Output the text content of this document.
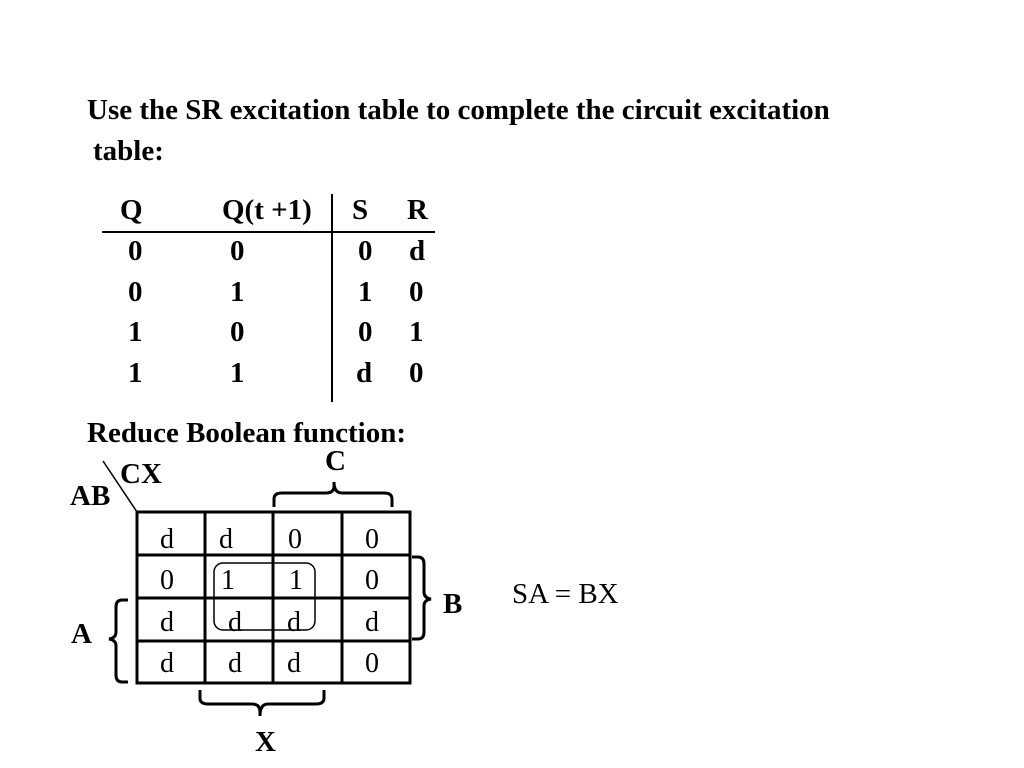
Use the SR excitation table to complete the circuit excitation
table:
Q	Q(t +1) S R
0	0	0 d
0	1	1 0
1	0	0 1
1	1	d 0
Reduce Boolean function:
CX
AB
C
B
A
X
d d 0 0
0 1 1 0
d d d d
d d d 0
SA = BX
